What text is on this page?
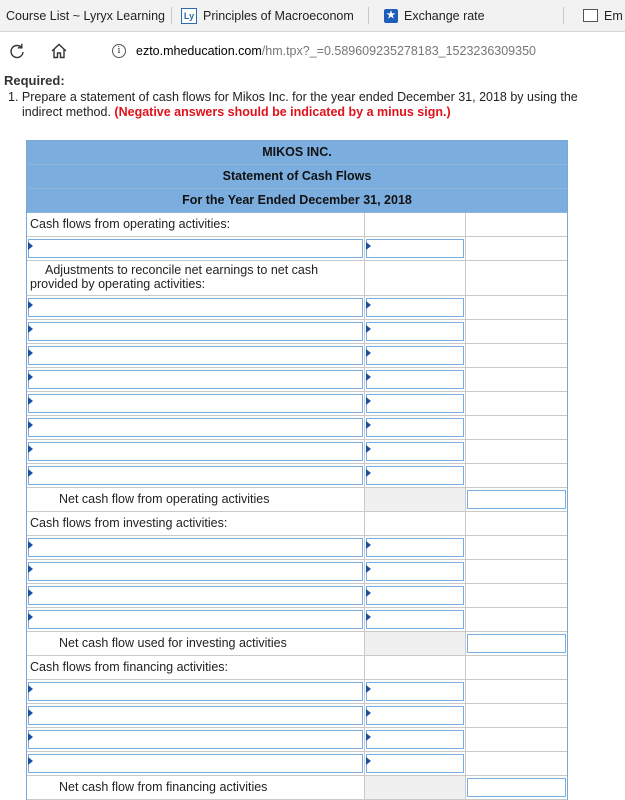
Course List ~ Lyryx Learning	Ly Principles of Macroeconom	★ Exchange rate	Em
i	ezto.mheducation.com /hm.tpx?_=0.589609235278183_1523236309350
Required:
1. Prepare a statement of cash flows for Mikos Inc. for the year ended December 31, 2018 by using the
indirect method. (Negative answers should be indicated by a minus sign.)
MIKOS INC.
Statement of Cash Flows
For the Year Ended December 31, 2018
Cash flows from operating activities:
Adjustments to reconcile net earnings to net cash
provided by operating activities:
Net cash flow from operating activities
Cash flows from investing activities:
Net cash flow used for investing activities
Cash flows from financing activities:
Net cash flow from financing activities
